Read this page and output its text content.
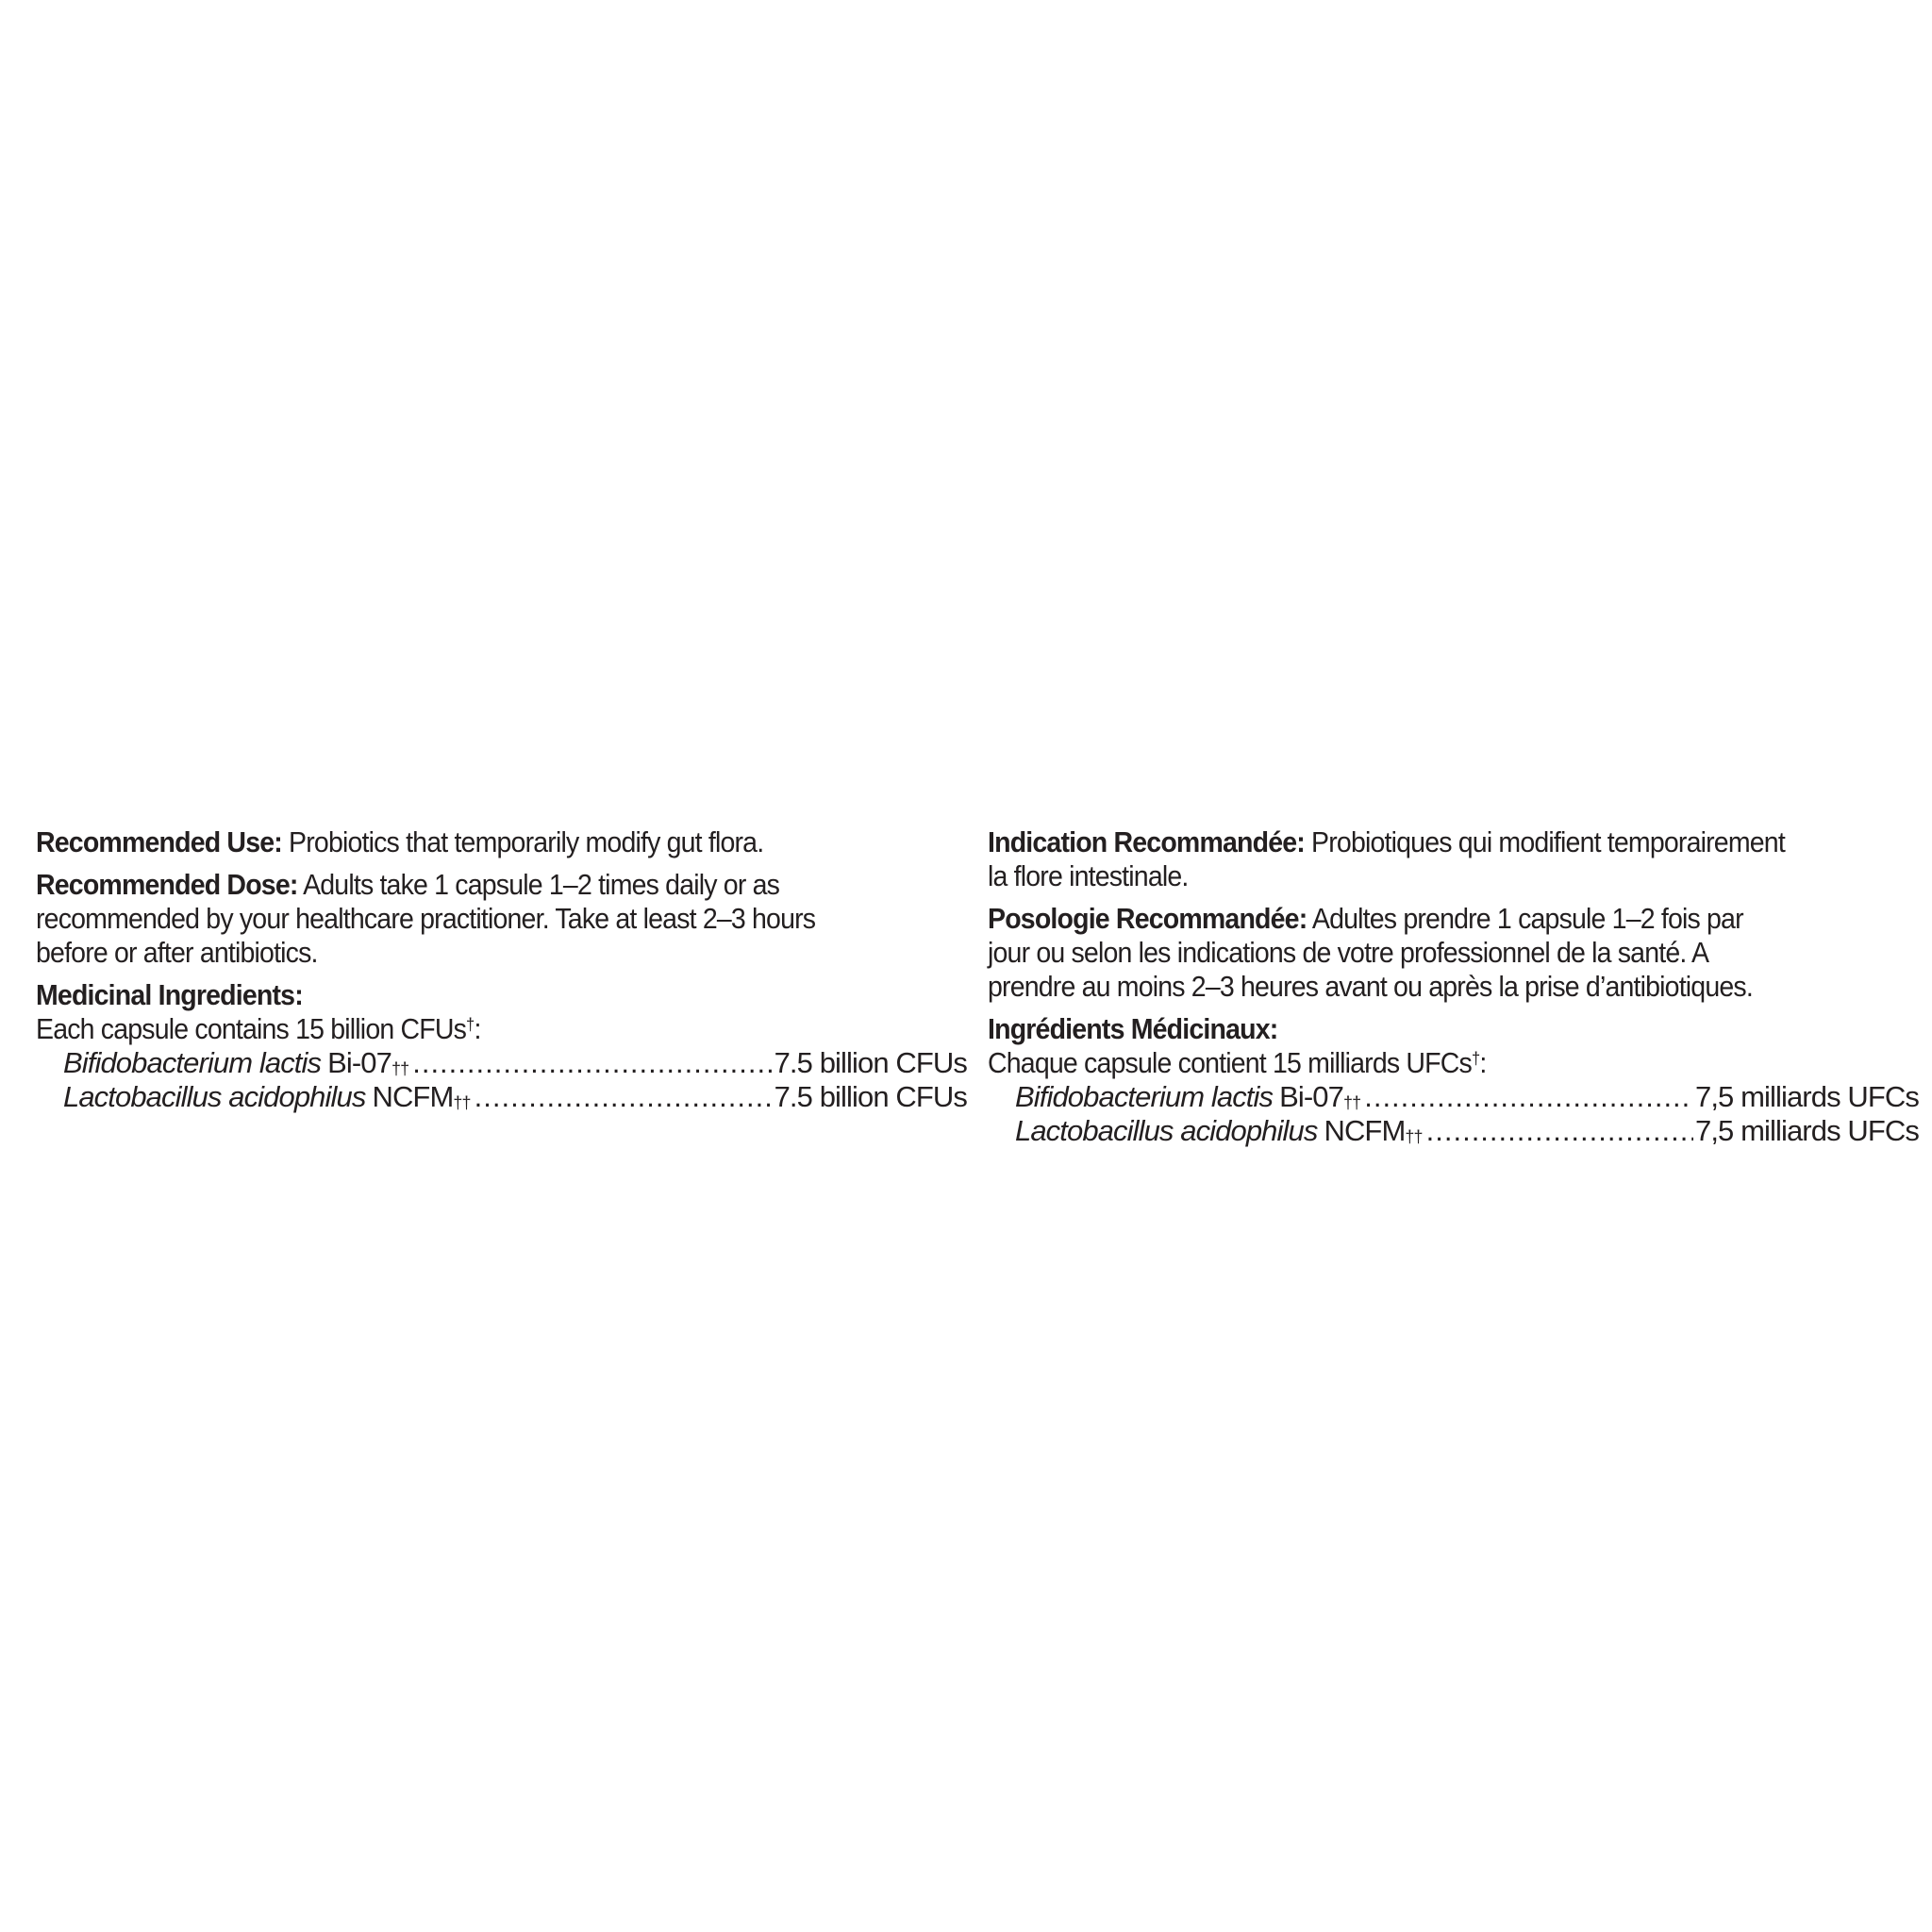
Recommended Use: Probiotics that temporarily modify gut flora.
Recommended Dose: Adults take 1 capsule 1–2 times daily or as
recommended by your healthcare practitioner. Take at least 2–3 hours
before or after antibiotics.
Medicinal Ingredients:
Each capsule contains 15 billion CFUs†:
Bifidobacterium lactis Bi-07†† .....	7.5 billion CFUs
Lactobacillus acidophilus NCFM†† .....	7.5 billion CFUs
Indication Recommandée: Probiotiques qui modifient temporairement
la flore intestinale.
Posologie Recommandée: Adultes prendre 1 capsule 1–2 fois par
jour ou selon les indications de votre professionnel de la santé. A
prendre au moins 2–3 heures avant ou après la prise d’antibiotiques.
Ingrédients Médicinaux:
Chaque capsule contient 15 milliards UFCs†:
Bifidobacterium lactis Bi-07†† .....	7,5 milliards UFCs
Lactobacillus acidophilus NCFM†† .....	7,5 milliards UFCs
